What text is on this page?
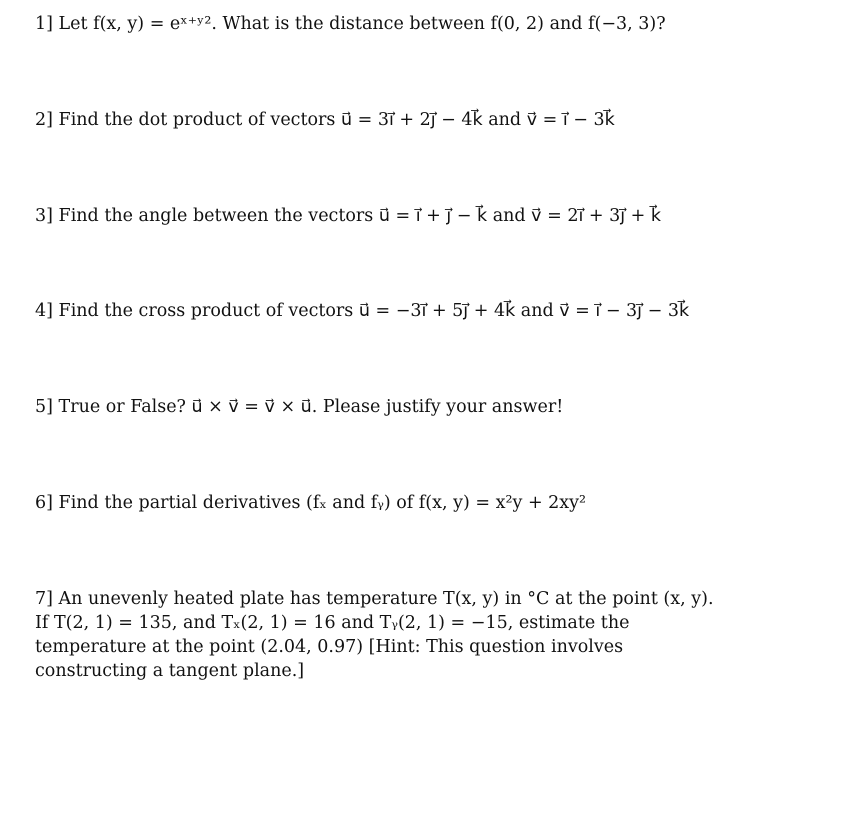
1] Let f(x, y) = eˣ⁺ʸ². What is the distance between f(0, 2) and f(−3, 3)?
2] Find the dot product of vectors u⃗ = 3i⃗ + 2j⃗ − 4k⃗ and v⃗ = i⃗ − 3k⃗
3] Find the angle between the vectors u⃗ = i⃗ + j⃗ − k⃗ and v⃗ = 2i⃗ + 3j⃗ + k⃗
4] Find the cross product of vectors u⃗ = −3i⃗ + 5j⃗ + 4k⃗ and v⃗ = i⃗ − 3j⃗ − 3k⃗
5] True or False? u⃗ × v⃗ = v⃗ × u⃗. Please justify your answer!
6] Find the partial derivatives (fₓ and fᵧ) of f(x, y) = x²y + 2xy²
7] An unevenly heated plate has temperature T(x, y) in °C at the point (x, y).
If T(2, 1) = 135, and Tₓ(2, 1) = 16 and Tᵧ(2, 1) = −15, estimate the
temperature at the point (2.04, 0.97) [Hint: This question involves
constructing a tangent plane.]
